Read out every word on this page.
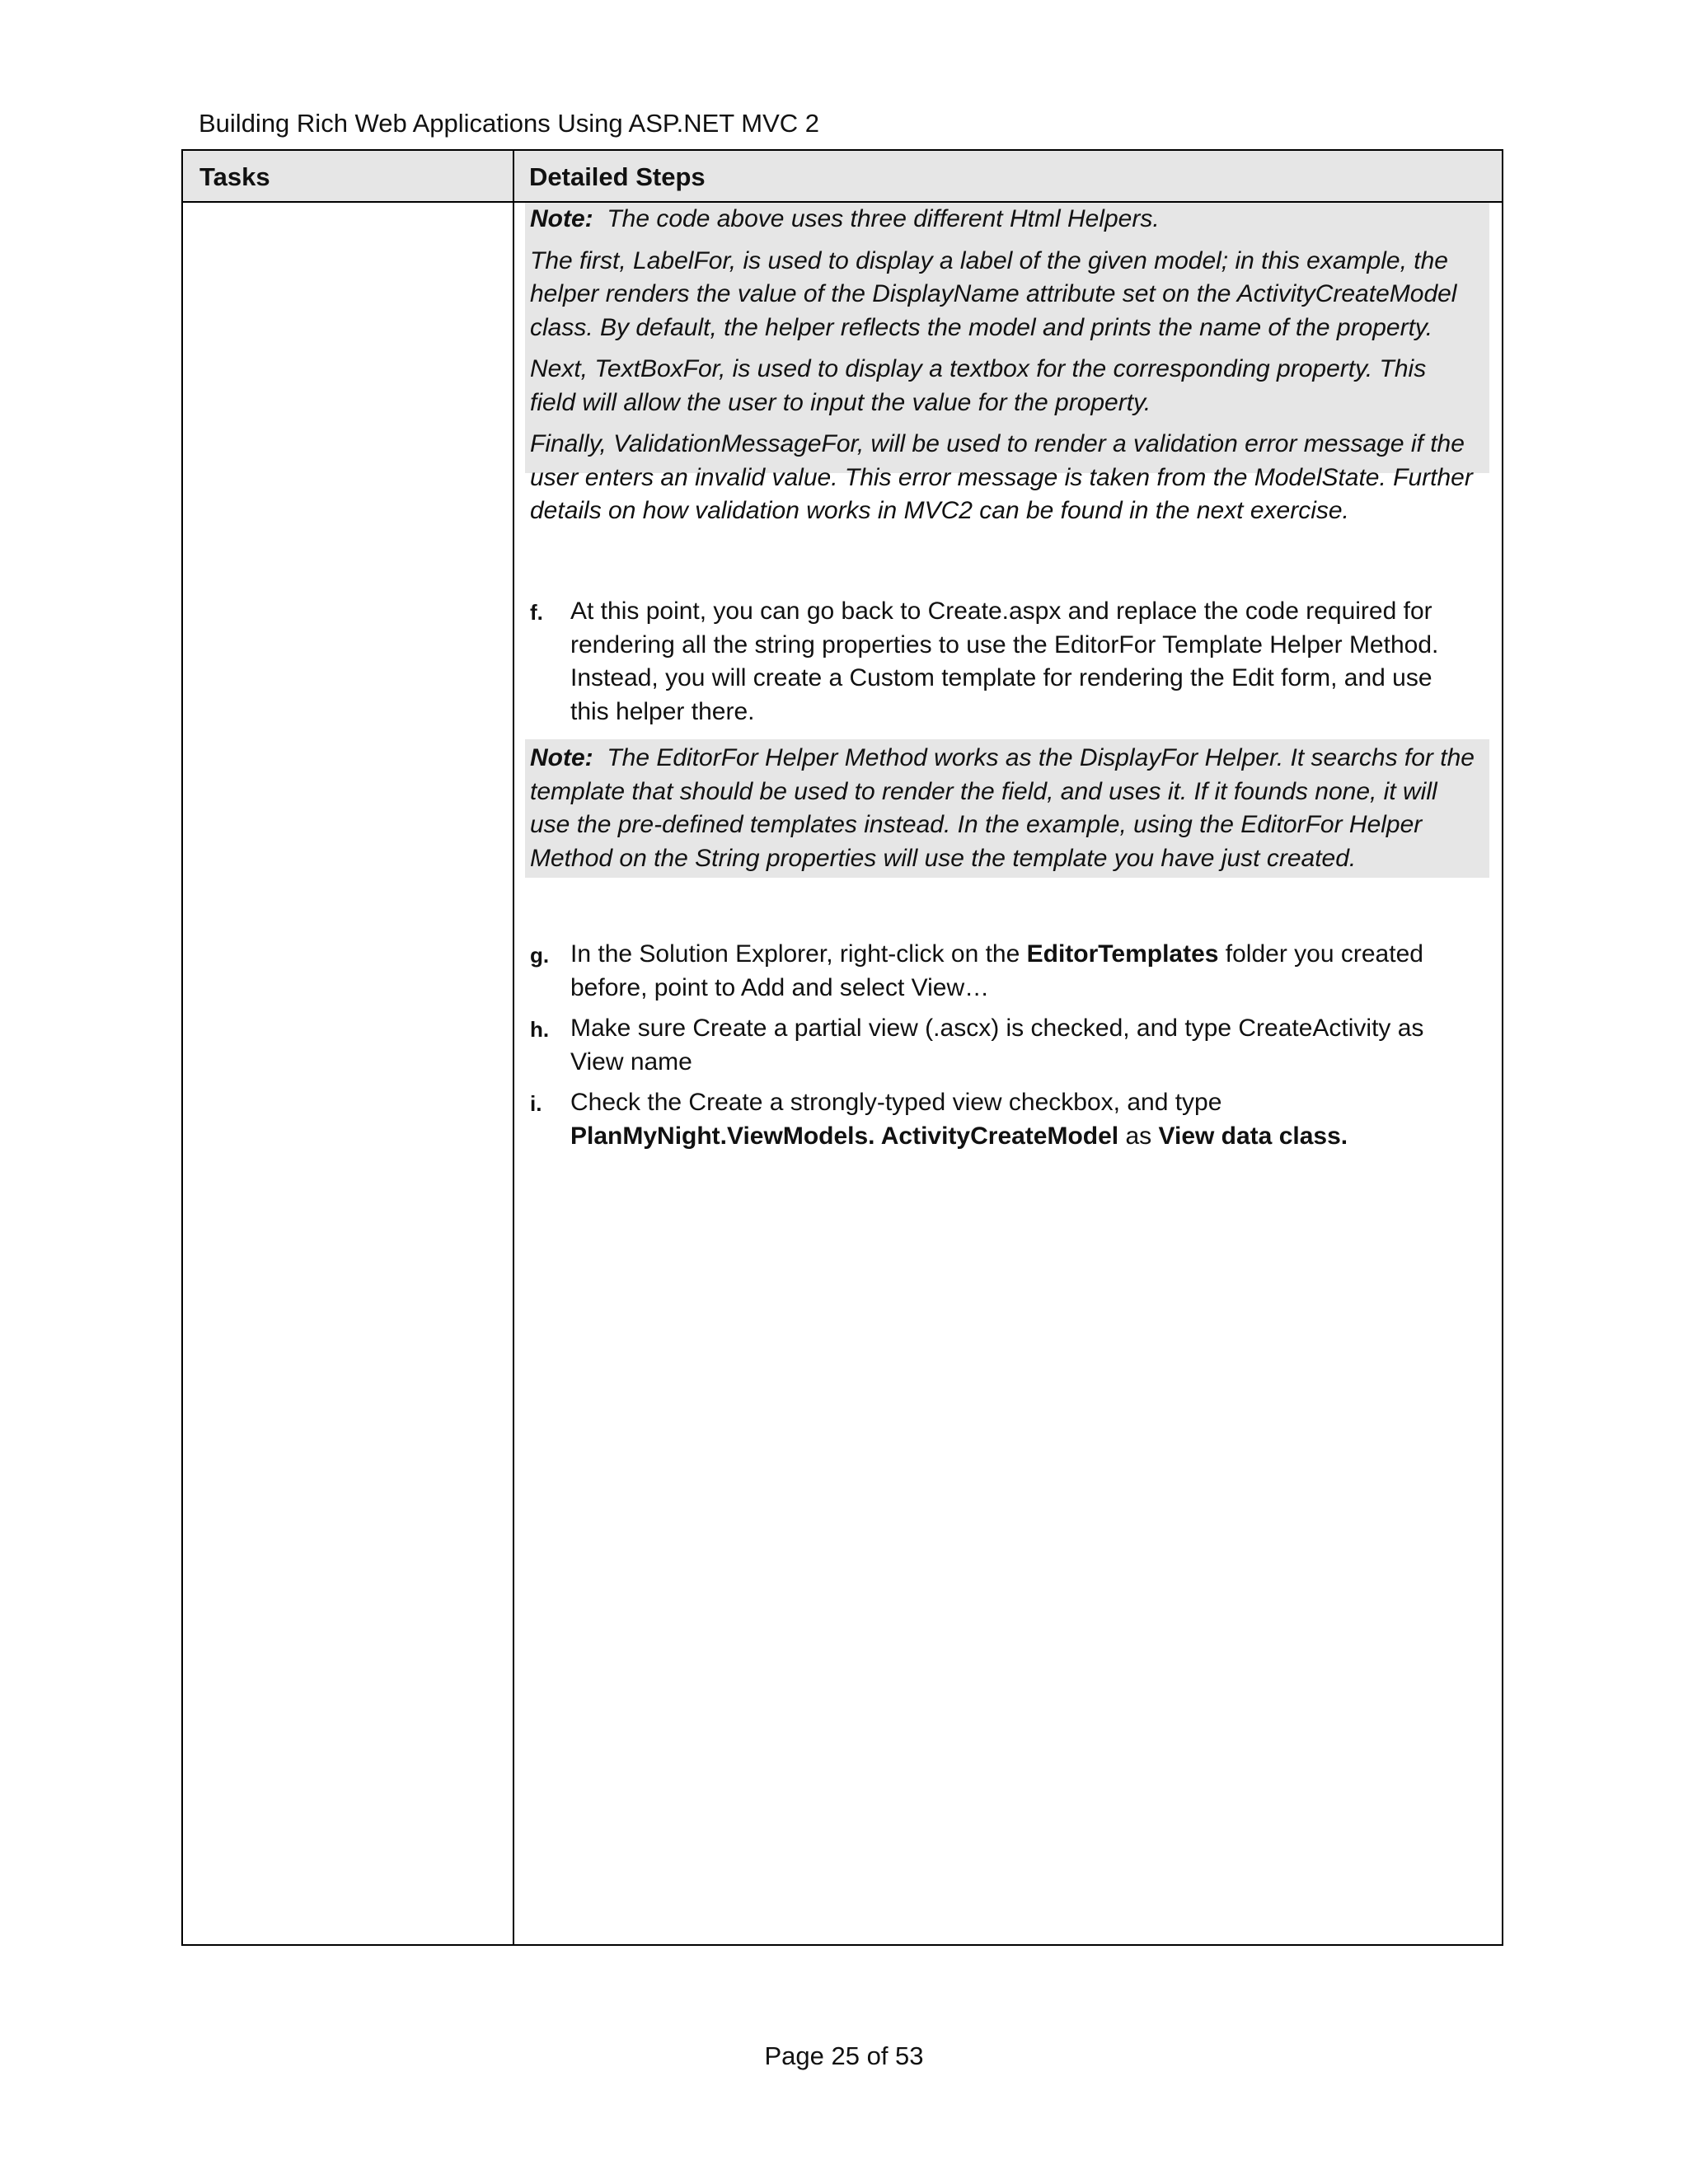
Building Rich Web Applications Using ASP.NET MVC 2
Tasks	Detailed Steps

Note:  The code above uses three different Html Helpers.

The first, LabelFor, is used to display a label of the given model; in this example, the
helper renders the value of the DisplayName attribute set on the ActivityCreateModel
class. By default, the helper reflects the model and prints the name of the property.

Next, TextBoxFor, is used to display a textbox for the corresponding property. This
field will allow the user to input the value for the property.

Finally, ValidationMessageFor, will be used to render a validation error message if the
user enters an invalid value. This error message is taken from the ModelState. Further
details on how validation works in MVC2 can be found in the next exercise.

f. At this point, you can go back to Create.aspx and replace the code required for
rendering all the string properties to use the EditorFor Template Helper Method.
Instead, you will create a Custom template for rendering the Edit form, and use
this helper there.
Note:  The EditorFor Helper Method works as the DisplayFor Helper. It searchs for the
template that should be used to render the field, and uses it. If it founds none, it will
use the pre-defined templates instead. In the example, using the EditorFor Helper
Method on the String properties will use the template you have just created.
g. In the Solution Explorer, right-click on the EditorTemplates folder you created
before, point to Add and select View…
h. Make sure Create a partial view (.ascx) is checked, and type CreateActivity as
View name
i. Check the Create a strongly-typed view checkbox, and type
PlanMyNight.ViewModels. ActivityCreateModel as View data class.
Page 25 of 53
